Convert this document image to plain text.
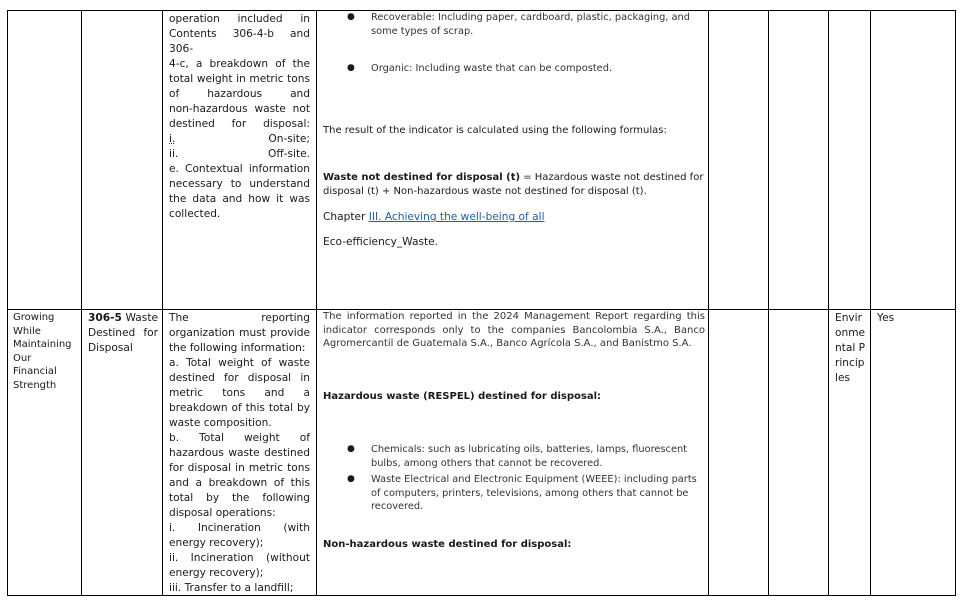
operation included in
Contents 306-4-b and 306-
4-c, a breakdown of the
total weight in metric tons
of hazardous and
non-hazardous waste not
destined for disposal:
i.	On-site;
ii.	Off-site.
e. Contextual information necessary to understand the data and how it was collected.
● Recoverable: Including paper, cardboard, plastic, packaging, and some types of scrap.
● Organic: Including waste that can be composted.
The result of the indicator is calculated using the following formulas:
Waste not destined for disposal (t) = Hazardous waste not destined for disposal (t) + Non-hazardous waste not destined for disposal (t).
Chapter III. Achieving the well-being of all
Eco-efficiency_Waste.
Growing While Maintaining Our Financial Strength
306-5 Waste Destined for Disposal
The reporting organization must provide the following information:
a. Total weight of waste destined for disposal in metric tons and a breakdown of this total by waste composition.
b. Total weight of hazardous waste destined for disposal in metric tons and a breakdown of this total by the following disposal operations:
i. Incineration (with energy recovery);
ii. Incineration (without energy recovery);
iii. Transfer to a landfill;
The information reported in the 2024 Management Report regarding this indicator corresponds only to the companies Bancolombia S.A., Banco Agromercantil de Guatemala S.A., Banco Agrícola S.A., and Banistmo S.A.
Hazardous waste (RESPEL) destined for disposal:
● Chemicals: such as lubricating oils, batteries, lamps, fluorescent bulbs, among others that cannot be recovered.
● Waste Electrical and Electronic Equipment (WEEE): including parts of computers, printers, televisions, among others that cannot be recovered.
Non-hazardous waste destined for disposal:
Environmental Principles
Yes
